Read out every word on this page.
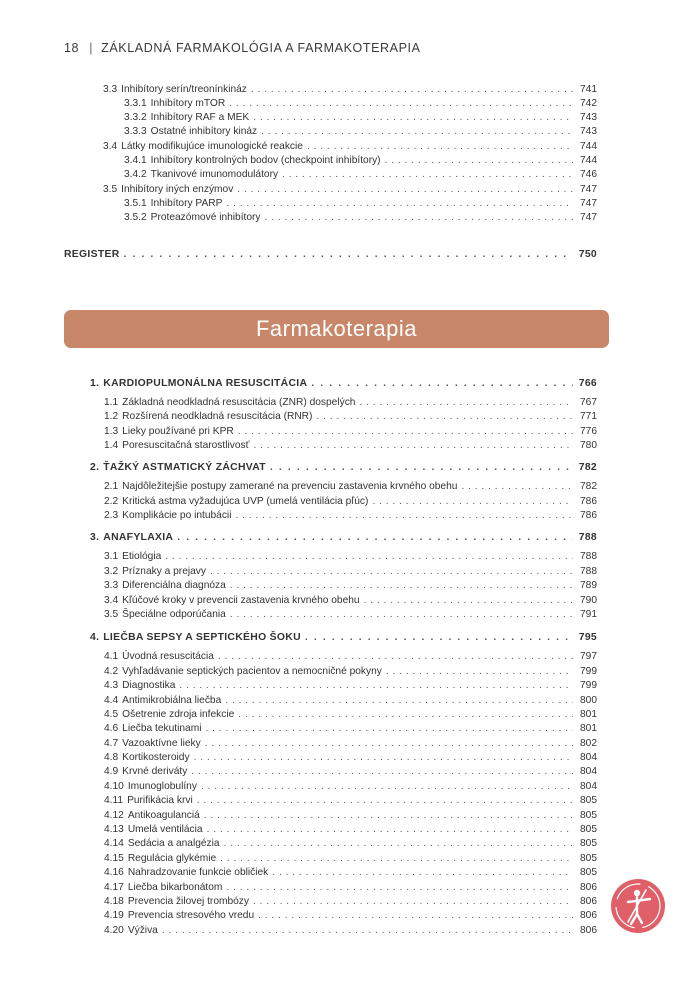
18 | ZÁKLADNÁ FARMAKOLÓGIA A FARMAKOTERAPIA
3.3 Inhibítory serín/treonínkináz . . .	741
3.3.1 Inhibítory mTOR . . .	742
3.3.2 Inhibítory RAF a MEK . . .	743
3.3.3 Ostatné inhibítory kináz . . .	743
3.4 Látky modifikujúce imunologické reakcie . . .	744
3.4.1 Inhibítory kontrolných bodov (checkpoint inhibítory) . . .	744
3.4.2 Tkanivové imunomodulátory . . .	746
3.5 Inhibítory iných enzýmov . . .	747
3.5.1 Inhibítory PARP . . .	747
3.5.2 Proteazómové inhibítory . . .	747
REGISTER . . .	750
Farmakoterapia
1. KARDIOPULMONÁLNA RESUSCITÁCIA . . .	766
1.1 Základná neodkladná resuscitácia (ZNR) dospelých . . .	767
1.2 Rozšírená neodkladná resuscitácia (RNR) . . .	771
1.3 Lieky používané pri KPR . . .	776
1.4 Poresuscitačná starostlivosť . . .	780
2. ŤAŽKÝ ASTMATICKÝ ZÁCHVAT . . .	782
2.1 Najdôležitejšie postupy zamerané na prevenciu zastavenia krvného obehu . . .	782
2.2 Kritická astma vyžadujúca UVP (umelá ventilácia pľúc) . . .	786
2.3 Komplikácie po intubácii . . .	786
3. ANAFYLAXIA . . .	788
3.1 Etiológia . . .	788
3.2 Príznaky a prejavy . . .	788
3.3 Diferenciálna diagnóza . . .	789
3.4 Kľúčové kroky v prevencii zastavenia krvného obehu . . .	790
3.5 Špeciálne odporúčania . . .	791
4. LIEČBA SEPSY A SEPTICKÉHO ŠOKU . . .	795
4.1 Úvodná resuscitácia . . .	797
4.2 Vyhľadávanie septických pacientov a nemocničné pokyny . . .	799
4.3 Diagnostika . . .	799
4.4 Antimikrobiálna liečba . . .	800
4.5 Ošetrenie zdroja infekcie . . .	801
4.6 Liečba tekutinami . . .	801
4.7 Vazoaktívne lieky . . .	802
4.8 Kortikosteroidy . . .	804
4.9 Krvné deriváty . . .	804
4.10 Imunoglobulíny . . .	804
4.11 Purifikácia krvi . . .	805
4.12 Antikoagulanciá . . .	805
4.13 Umelá ventilácia . . .	805
4.14 Sedácia a analgézia . . .	805
4.15 Regulácia glykémie . . .	805
4.16 Nahradzovanie funkcie obličiek . . .	805
4.17 Liečba bikarbonátom . . .	806
4.18 Prevencia žilovej trombózy . . .	806
4.19 Prevencia stresového vredu . . .	806
4.20 Výživa . . .	806
